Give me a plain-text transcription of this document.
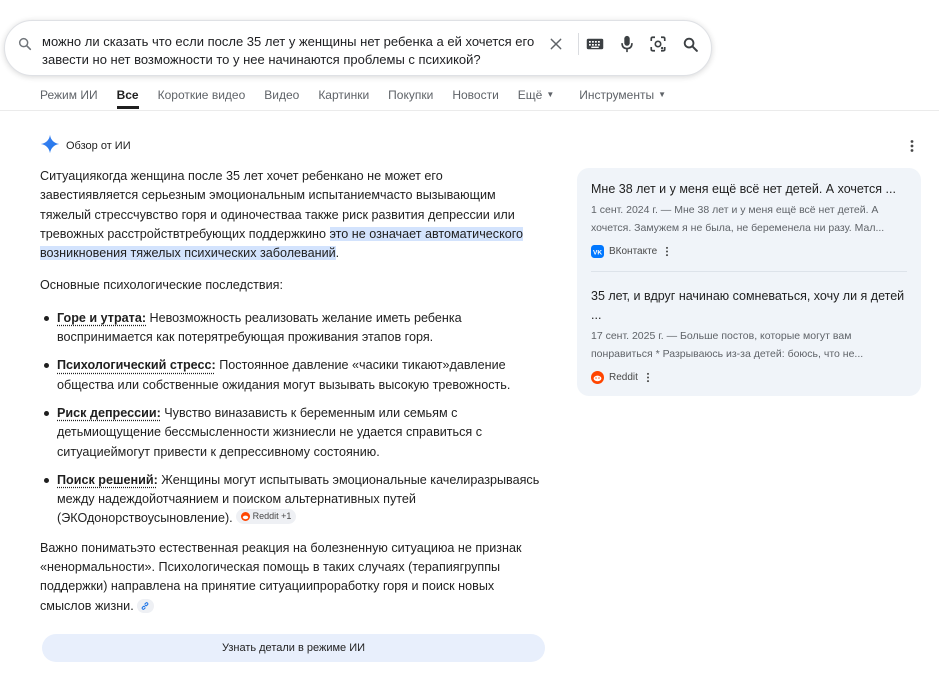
можно ли сказать что если после 35 лет у женщины нет ребенка а ей хочется его завести но нет возможности то у нее начинаются проблемы с психикой?
Режим ИИ Все Короткие видео Видео Картинки Покупки Новости Ещё ▼ Инструменты ▼
Обзор от ИИ

Ситуациякогда женщина после 35 лет хочет ребенкано не может его завестиявляется серьезным эмоциональным испытаниемчасто вызывающим тяжелый стрессчувство горя и одиночестваа также риск развития депрессии или тревожных расстройствтребующих поддержкино это не означает автоматического возникновения тяжелых психических заболеваний.

Основные психологические последствия:

Горе и утрата: Невозможность реализовать желание иметь ребенка воспринимается как потерятребующая проживания этапов горя.
Психологический стресс: Постоянное давление «часики тикают»давление общества или собственные ожидания могут вызывать высокую тревожность.
Риск депрессии: Чувство виназависть к беременным или семьям с детьмиощущение бессмысленности жизниесли не удается справиться с ситуациеймогут привести к депрессивному состоянию.
Поиск решений: Женщины могут испытывать эмоциональные качелиразрываясь между надеждойотчаянием и поиском альтернативных путей (ЭКОдонорствоусыновление). Reddit +1

Важно пониматьэто естественная реакция на болезненную ситуациюа не признак «ненормальности». Психологическая помощь в таких случаях (терапиягруппы поддержки) направлена на принятие ситуациипроработку горя и поиск новых смыслов жизни.

Узнать детали в режиме ИИ
Мне 38 лет и у меня ещё всё нет детей. А хочется ...
1 сент. 2024 г. — Мне 38 лет и у меня ещё всё нет детей. А хочется. Замужем я не была, не беременела ни разу. Мал...
VK ВКонтакте
35 лет, и вдруг начинаю сомневаться, хочу ли я детей ...
17 сент. 2025 г. — Больше постов, которые могут вам понравиться * Разрываюсь из-за детей: боюсь, что не...
Reddit
